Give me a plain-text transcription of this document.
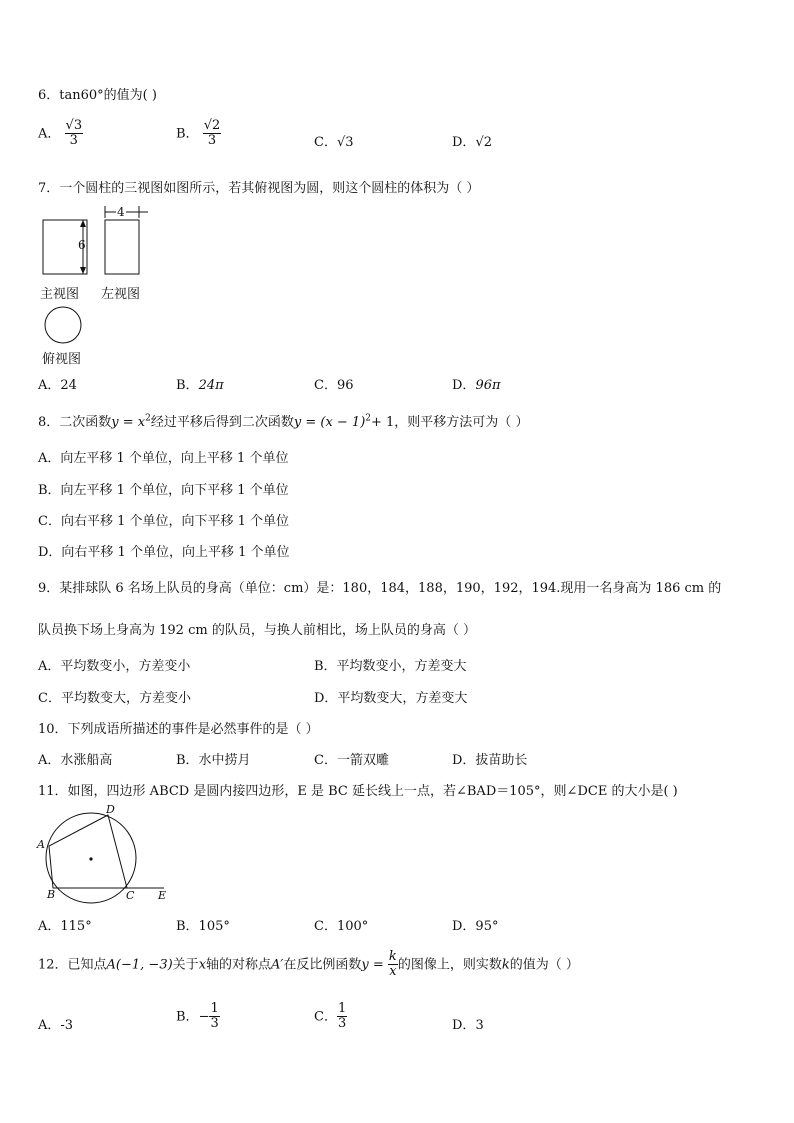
6．tan60°的值为( )
A． $\frac{√3}{3}$	B． $\frac{√2}{3}$	C．√3	D．√2
7．一个圆柱的三视图如图所示，若其俯视图为圆，则这个圆柱的体积为（ ）
4
6
主视图 左视图
俯视图
A．24	B．24π	C．96	D．96π
8．二次函数$y = x^2$经过平移后得到二次函数$y = (x - 1)^2+ 1$，则平移方法可为（ ）
A．向左平移 1 个单位，向上平移 1 个单位
B．向左平移 1 个单位，向下平移 1 个单位
C．向右平移 1 个单位，向下平移 1 个单位
D．向右平移 1 个单位，向上平移 1 个单位
9．某排球队 6 名场上队员的身高（单位：cm）是：180，184，188，190，192，194.现用一名身高为 186 cm 的
队员换下场上身高为 192 cm 的队员，与换人前相比，场上队员的身高（ ）
A．平均数变小，方差变小	B．平均数变小，方差变大
C．平均数变大，方差变小	D．平均数变大，方差变大
10．下列成语所描述的事件是必然事件的是（ ）
A．水涨船高	B．水中捞月	C．一箭双雕	D．拔苗助长
11．如图，四边形 ABCD 是圆内接四边形，E 是 BC 延长线上一点，若∠BAD＝105°，则∠DCE 的大小是( )
D
A
B	C E
A．115°	B．105°	C．100°	D．95°
12．已知点A(−1, −3)关于x轴的对称点A′在反比例函数$y = \frac{k}{x}$ 的图像上，则实数k的值为（ ）
A．-3
B．− $\frac{1}{3}$	C． $\frac{1}{3}$	D．3
